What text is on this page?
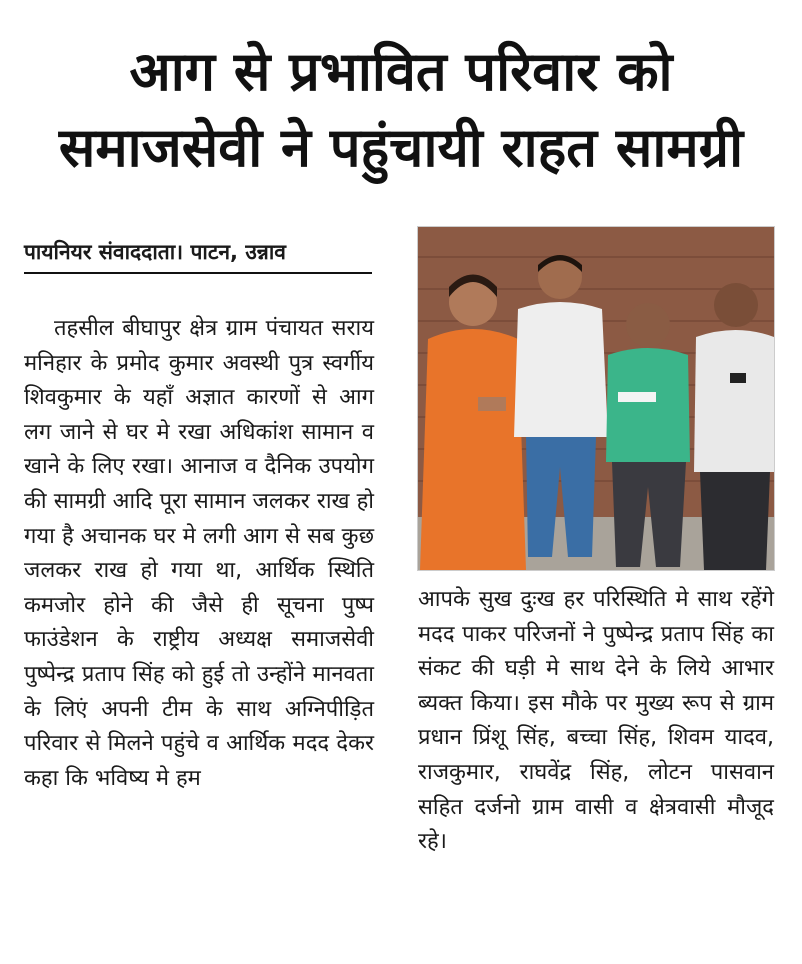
आग से प्रभावित परिवार को
समाजसेवी ने पहुंचायी राहत सामग्री
पायनियर संवाददाता। पाटन, उन्नाव
तहसील बीघापुर क्षेत्र ग्राम पंचायत सराय मनिहार के प्रमोद कुमार अवस्थी पुत्र स्वर्गीय शिवकुमार के यहाँ अज्ञात कारणों से आग लग जाने से घर मे रखा अधिकांश सामान व खाने के लिए रखा। आनाज व दैनिक उपयोग की सामग्री आदि पूरा सामान जलकर राख हो गया है अचानक घर मे लगी आग से सब कुछ जलकर राख हो गया था, आर्थिक स्थिति कमजोर होने की जैसे ही सूचना पुष्प फाउंडेशन के राष्ट्रीय अध्यक्ष समाजसेवी पुष्पेन्द्र प्रताप सिंह को हुई तो उन्होंने मानवता के लिएं अपनी टीम के साथ अग्निपीड़ित परिवार से मिलने पहुंचे व आर्थिक मदद देकर कहा कि भविष्य मे हम
आपके सुख दुःख हर परिस्थिति मे साथ रहेंगे मदद पाकर परिजनों ने पुष्पेन्द्र प्रताप सिंह का संकट की घड़ी मे साथ देने के लिये आभार ब्यक्त किया। इस मौके पर मुख्य रूप से ग्राम प्रधान प्रिंशू सिंह, बच्चा सिंह, शिवम यादव, राजकुमार, राघवेंद्र सिंह, लोटन पासवान सहित दर्जनो ग्राम वासी व क्षेत्रवासी मौजूद रहे।
